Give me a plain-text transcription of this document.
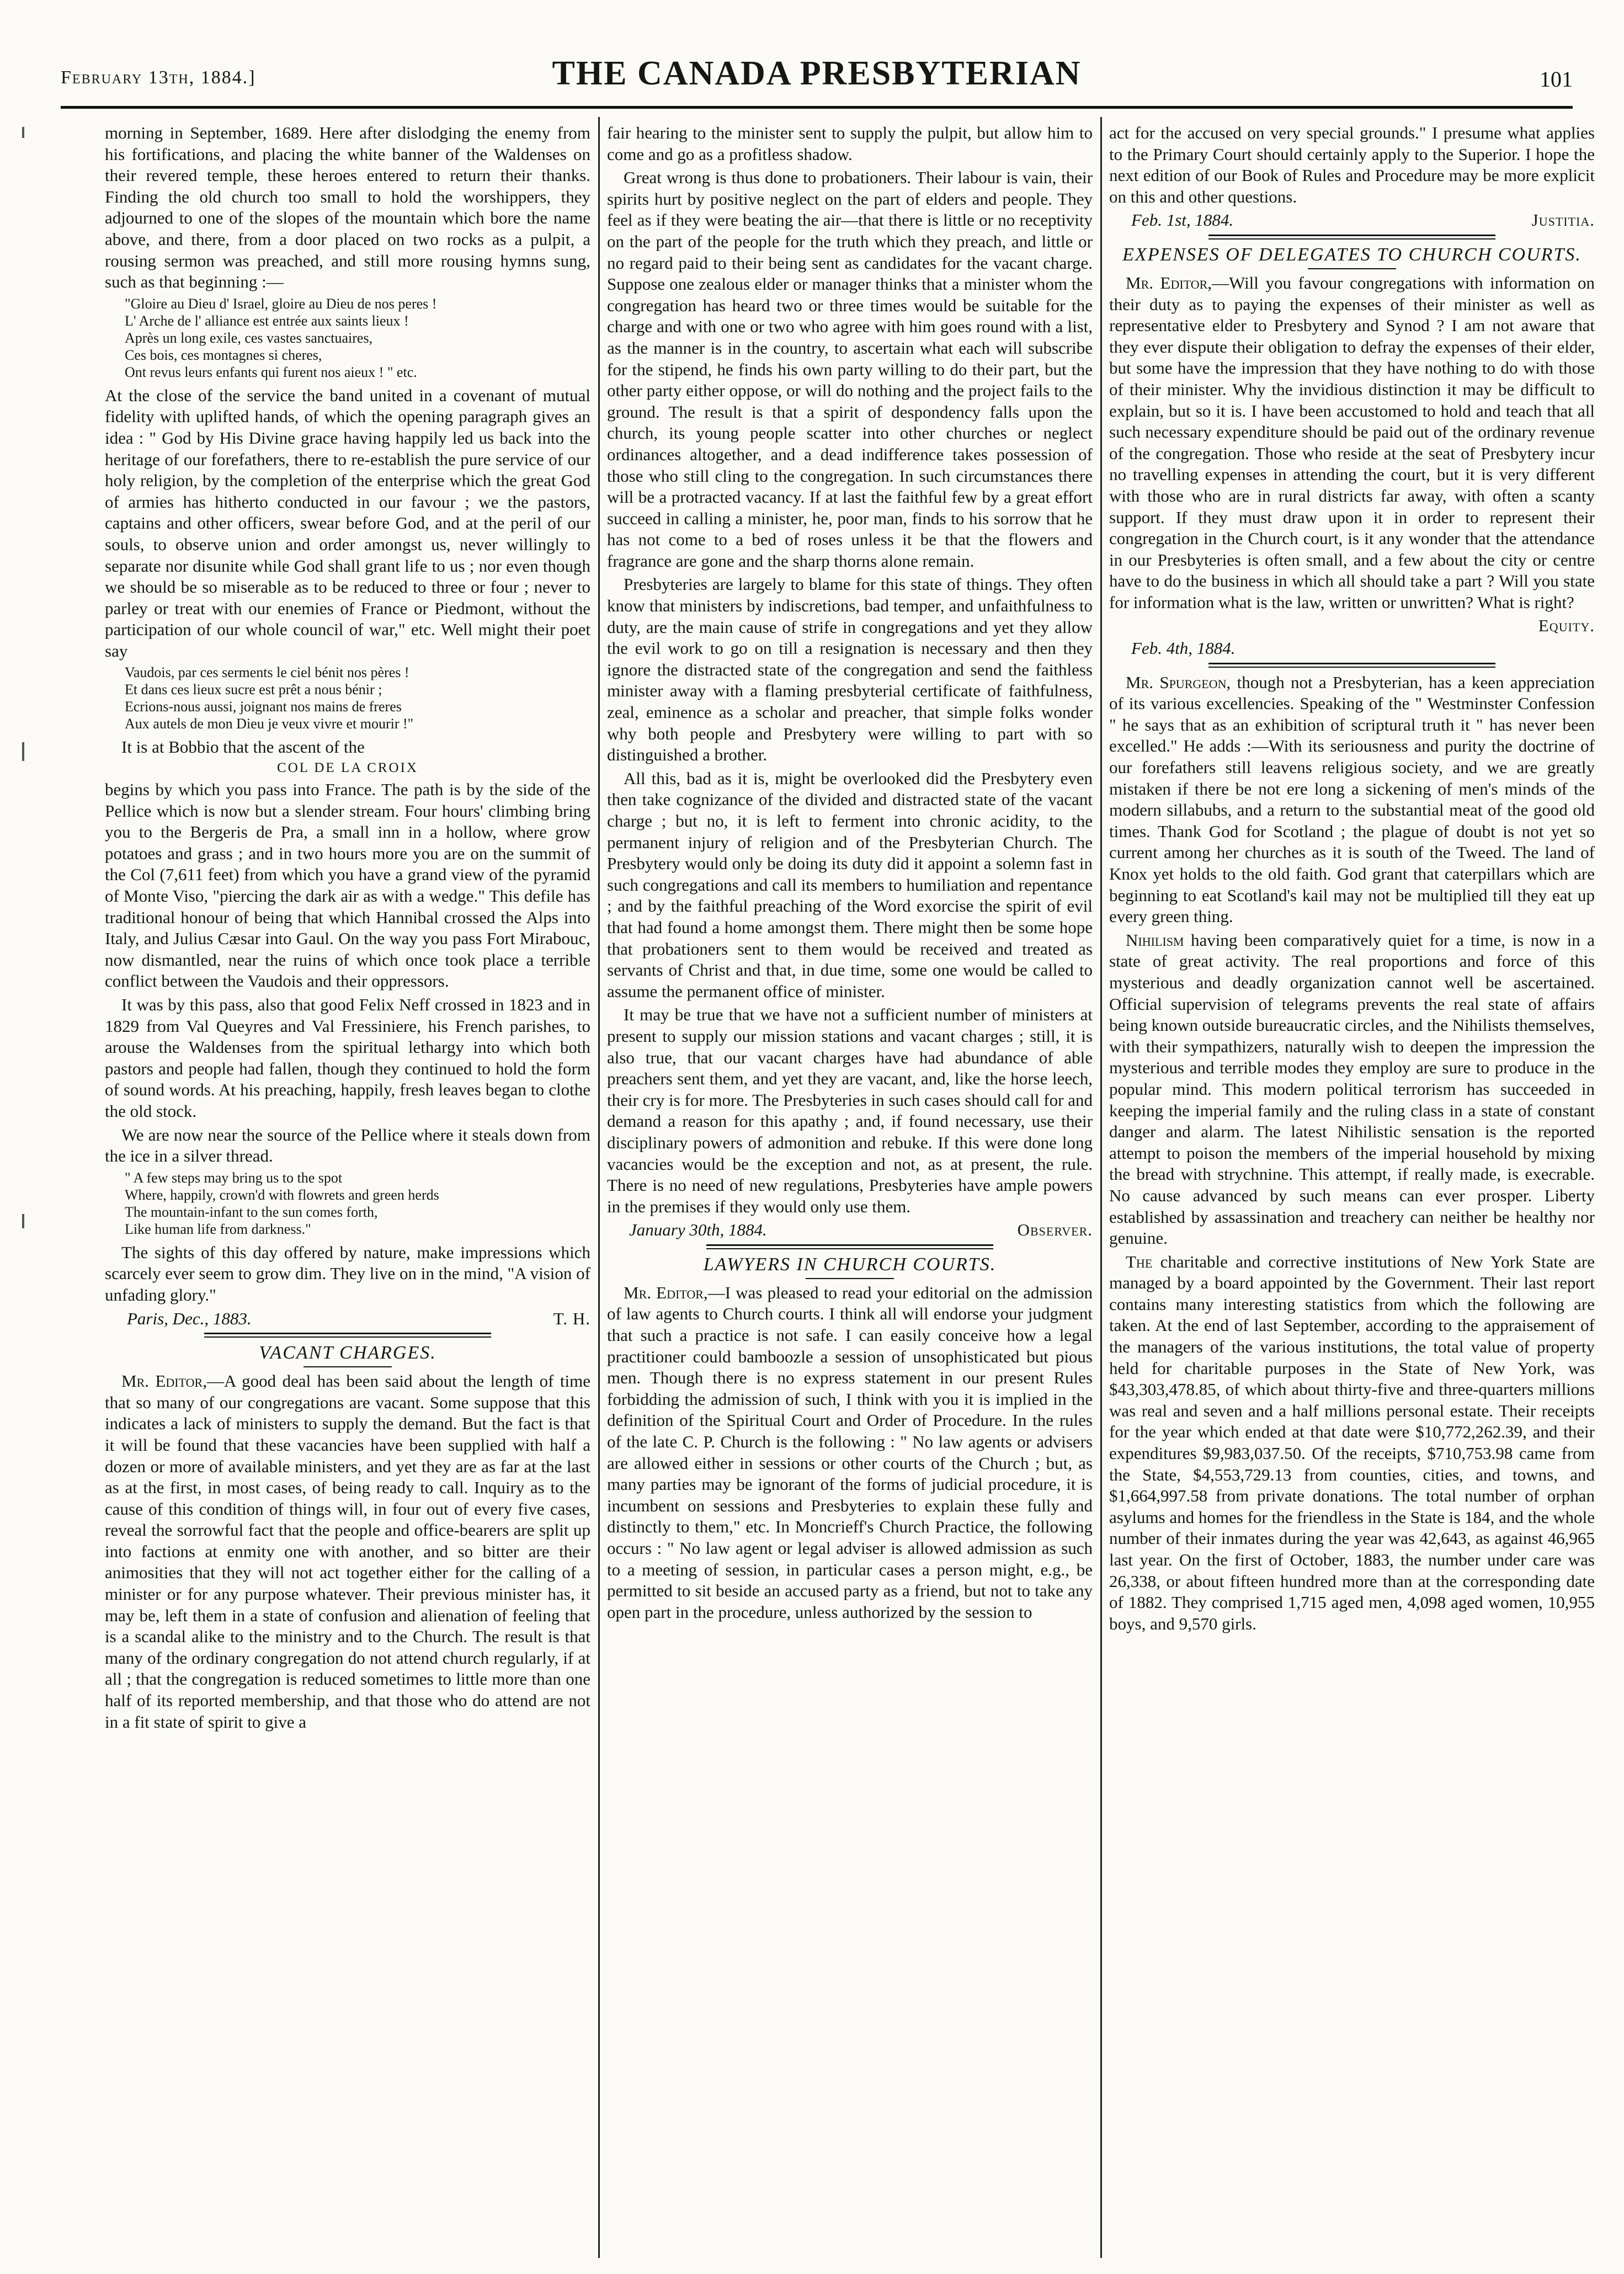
February 13th, 1884.]	THE CANADA PRESBYTERIAN	101

morning in September, 1689. Here after dislodging the enemy from his fortifications, and placing the white banner of the Waldenses on their revered temple, these heroes entered to return their thanks. Finding the old church too small to hold the worshippers, they adjourned to one of the slopes of the mountain which bore the name above, and there, from a door placed on two rocks as a pulpit, a rousing sermon was preached, and still more rousing hymns sung, such as that beginning :—

"Gloire au Dieu d' Israel, gloire au Dieu de nos peres !
L' Arche de l' alliance est entrée aux saints lieux !
Après un long exile, ces vastes sanctuaires,
Ces bois, ces montagnes si cheres,
Ont revus leurs enfants qui furent nos aieux ! " etc.

At the close of the service the band united in a covenant of mutual fidelity with uplifted hands, of which the opening paragraph gives an idea : " God by His Divine grace having happily led us back into the heritage of our forefathers, there to re-establish the pure service of our holy religion, by the completion of the enterprise which the great God of armies has hitherto conducted in our favour ; we the pastors, captains and other officers, swear before God, and at the peril of our souls, to observe union and order amongst us, never willingly to separate nor disunite while God shall grant life to us ; nor even though we should be so miserable as to be reduced to three or four ; never to parley or treat with our enemies of France or Piedmont, without the participation of our whole council of war," etc. Well might their poet say

Vaudois, par ces serments le ciel bénit nos pères !
Et dans ces lieux sucre est prêt a nous bénir ;
Ecrions-nous aussi, joignant nos mains de freres
Aux autels de mon Dieu je veux vivre et mourir !"

It is at Bobbio that the ascent of the

COL DE LA CROIX

begins by which you pass into France. The path is by the side of the Pellice which is now but a slender stream. Four hours' climbing bring you to the Bergeris de Pra, a small inn in a hollow, where grow potatoes and grass ; and in two hours more you are on the summit of the Col (7,611 feet) from which you have a grand view of the pyramid of Monte Viso, "piercing the dark air as with a wedge." This defile has traditional honour of being that which Hannibal crossed the Alps into Italy, and Julius Cæsar into Gaul. On the way you pass Fort Mirabouc, now dismantled, near the ruins of which once took place a terrible conflict between the Vaudois and their oppressors.

It was by this pass, also that good Felix Neff crossed in 1823 and in 1829 from Val Queyres and Val Fressiniere, his French parishes, to arouse the Waldenses from the spiritual lethargy into which both pastors and people had fallen, though they continued to hold the form of sound words. At his preaching, happily, fresh leaves began to clothe the old stock.

We are now near the source of the Pellice where it steals down from the ice in a silver thread.

" A few steps may bring us to the spot
Where, happily, crown'd with flowrets and green herds
The mountain-infant to the sun comes forth,
Like human life from darkness."

The sights of this day offered by nature, make impressions which scarcely ever seem to grow dim. They live on in the mind, "A vision of unfading glory."

Paris, Dec., 1883.	T. H.
VACANT CHARGES.

Mr. Editor,—A good deal has been said about the length of time that so many of our congregations are vacant. Some suppose that this indicates a lack of ministers to supply the demand. But the fact is that it will be found that these vacancies have been supplied with half a dozen or more of available ministers, and yet they are as far at the last as at the first, in most cases, of being ready to call. Inquiry as to the cause of this condition of things will, in four out of every five cases, reveal the sorrowful fact that the people and office-bearers are split up into factions at enmity one with another, and so bitter are their animosities that they will not act together either for the calling of a minister or for any purpose whatever. Their previous minister has, it may be, left them in a state of confusion and alienation of feeling that is a scandal alike to the ministry and to the Church. The result is that many of the ordinary congregation do not attend church regularly, if at all ; that the congregation is reduced sometimes to little more than one half of its reported membership, and that those who do attend are not in a fit state of spirit to give a

fair hearing to the minister sent to supply the pulpit, but allow him to come and go as a profitless shadow.

Great wrong is thus done to probationers. Their labour is vain, their spirits hurt by positive neglect on the part of elders and people. They feel as if they were beating the air—that there is little or no receptivity on the part of the people for the truth which they preach, and little or no regard paid to their being sent as candidates for the vacant charge. Suppose one zealous elder or manager thinks that a minister whom the congregation has heard two or three times would be suitable for the charge and with one or two who agree with him goes round with a list, as the manner is in the country, to ascertain what each will subscribe for the stipend, he finds his own party willing to do their part, but the other party either oppose, or will do nothing and the project fails to the ground. The result is that a spirit of despondency falls upon the church, its young people scatter into other churches or neglect ordinances altogether, and a dead indifference takes possession of those who still cling to the congregation. In such circumstances there will be a protracted vacancy. If at last the faithful few by a great effort succeed in calling a minister, he, poor man, finds to his sorrow that he has not come to a bed of roses unless it be that the flowers and fragrance are gone and the sharp thorns alone remain.

Presbyteries are largely to blame for this state of things. They often know that ministers by indiscretions, bad temper, and unfaithfulness to duty, are the main cause of strife in congregations and yet they allow the evil work to go on till a resignation is necessary and then they ignore the distracted state of the congregation and send the faithless minister away with a flaming presbyterial certificate of faithfulness, zeal, eminence as a scholar and preacher, that simple folks wonder why both people and Presbytery were willing to part with so distinguished a brother.

All this, bad as it is, might be overlooked did the Presbytery even then take cognizance of the divided and distracted state of the vacant charge ; but no, it is left to ferment into chronic acidity, to the permanent injury of religion and of the Presbyterian Church. The Presbytery would only be doing its duty did it appoint a solemn fast in such congregations and call its members to humiliation and repentance ; and by the faithful preaching of the Word exorcise the spirit of evil that had found a home amongst them. There might then be some hope that probationers sent to them would be received and treated as servants of Christ and that, in due time, some one would be called to assume the permanent office of minister.

It may be true that we have not a sufficient number of ministers at present to supply our mission stations and vacant charges ; still, it is also true, that our vacant charges have had abundance of able preachers sent them, and yet they are vacant, and, like the horse leech, their cry is for more. The Presbyteries in such cases should call for and demand a reason for this apathy ; and, if found necessary, use their disciplinary powers of admonition and rebuke. If this were done long vacancies would be the exception and not, as at present, the rule. There is no need of new regulations, Presbyteries have ample powers in the premises if they would only use them.

January 30th, 1884.	Observer.
LAWYERS IN CHURCH COURTS.

Mr. Editor,—I was pleased to read your editorial on the admission of law agents to Church courts. I think all will endorse your judgment that such a practice is not safe. I can easily conceive how a legal practitioner could bamboozle a session of unsophisticated but pious men. Though there is no express statement in our present Rules forbidding the admission of such, I think with you it is implied in the definition of the Spiritual Court and Order of Procedure. In the rules of the late C. P. Church is the following : " No law agents or advisers are allowed either in sessions or other courts of the Church ; but, as many parties may be ignorant of the forms of judicial procedure, it is incumbent on sessions and Presbyteries to explain these fully and distinctly to them," etc. In Moncrieff's Church Practice, the following occurs : " No law agent or legal adviser is allowed admission as such to a meeting of session, in particular cases a person might, e.g., be permitted to sit beside an accused party as a friend, but not to take any open part in the procedure, unless authorized by the session to

act for the accused on very special grounds." I presume what applies to the Primary Court should certainly apply to the Superior. I hope the next edition of our Book of Rules and Procedure may be more explicit on this and other questions.

Feb. 1st, 1884.	Justitia.
EXPENSES OF DELEGATES TO CHURCH COURTS.

Mr. Editor,—Will you favour congregations with information on their duty as to paying the expenses of their minister as well as representative elder to Presbytery and Synod ? I am not aware that they ever dispute their obligation to defray the expenses of their elder, but some have the impression that they have nothing to do with those of their minister. Why the invidious distinction it may be difficult to explain, but so it is. I have been accustomed to hold and teach that all such necessary expenditure should be paid out of the ordinary revenue of the congregation. Those who reside at the seat of Presbytery incur no travelling expenses in attending the court, but it is very different with those who are in rural districts far away, with often a scanty support. If they must draw upon it in order to represent their congregation in the Church court, is it any wonder that the attendance in our Presbyteries is often small, and a few about the city or centre have to do the business in which all should take a part ? Will you state for information what is the law, written or unwritten? What is right?

Equity.
Feb. 4th, 1884.

Mr. Spurgeon, though not a Presbyterian, has a keen appreciation of its various excellencies. Speaking of the " Westminster Confession " he says that as an exhibition of scriptural truth it " has never been excelled." He adds :—With its seriousness and purity the doctrine of our forefathers still leavens religious society, and we are greatly mistaken if there be not ere long a sickening of men's minds of the modern sillabubs, and a return to the substantial meat of the good old times. Thank God for Scotland ; the plague of doubt is not yet so current among her churches as it is south of the Tweed. The land of Knox yet holds to the old faith. God grant that caterpillars which are beginning to eat Scotland's kail may not be multiplied till they eat up every green thing.

Nihilism having been comparatively quiet for a time, is now in a state of great activity. The real proportions and force of this mysterious and deadly organization cannot well be ascertained. Official supervision of telegrams prevents the real state of affairs being known outside bureaucratic circles, and the Nihilists themselves, with their sympathizers, naturally wish to deepen the impression the mysterious and terrible modes they employ are sure to produce in the popular mind. This modern political terrorism has succeeded in keeping the imperial family and the ruling class in a state of constant danger and alarm. The latest Nihilistic sensation is the reported attempt to poison the members of the imperial household by mixing the bread with strychnine. This attempt, if really made, is execrable. No cause advanced by such means can ever prosper. Liberty established by assassination and treachery can neither be healthy nor genuine.

The charitable and corrective institutions of New York State are managed by a board appointed by the Government. Their last report contains many interesting statistics from which the following are taken. At the end of last September, according to the appraisement of the managers of the various institutions, the total value of property held for charitable purposes in the State of New York, was $43,303,478.85, of which about thirty-five and three-quarters millions was real and seven and a half millions personal estate. Their receipts for the year which ended at that date were $10,772,262.39, and their expenditures $9,983,037.50. Of the receipts, $710,753.98 came from the State, $4,553,729.13 from counties, cities, and towns, and $1,664,997.58 from private donations. The total number of orphan asylums and homes for the friendless in the State is 184, and the whole number of their inmates during the year was 42,643, as against 46,965 last year. On the first of October, 1883, the number under care was 26,338, or about fifteen hundred more than at the corresponding date of 1882. They comprised 1,715 aged men, 4,098 aged women, 10,955 boys, and 9,570 girls.
